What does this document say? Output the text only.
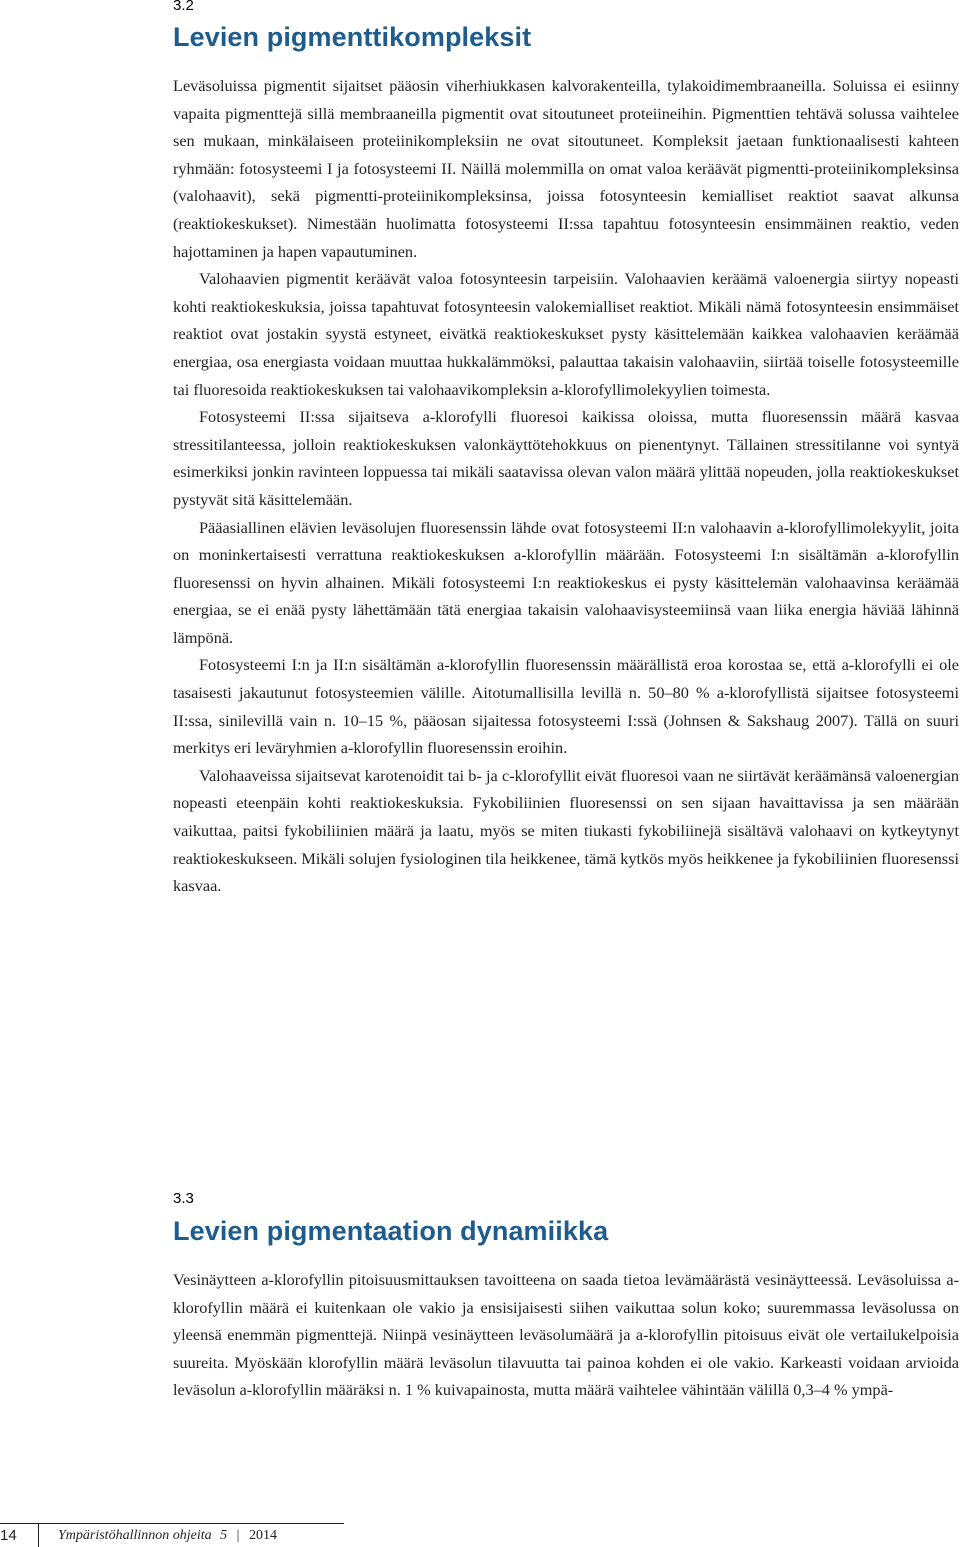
3.2
Levien pigmenttikompleksit

Leväsoluissa pigmentit sijaitset pääosin viherhiukkasen kalvorakenteilla, tylakoidimembraaneilla. Soluissa ei esiinny vapaita pigmenttejä sillä membraaneilla pigmentit ovat sitoutuneet proteiineihin. Pigmenttien tehtävä solussa vaihtelee sen mukaan, minkälaiseen proteiinikompleksiin ne ovat sitoutuneet. Kompleksit jaetaan funktionaalisesti kahteen ryhmään: fotosysteemi I ja fotosysteemi II. Näillä molemmilla on omat valoa keräävät pigmentti-proteiinikompleksinsa (valohaavit), sekä pigmentti-proteiinikompleksinsa, joissa fotosynteesin kemialliset reaktiot saavat alkunsa (reaktiokeskukset). Nimestään huolimatta fotosysteemi II:ssa tapahtuu fotosynteesin ensimmäinen reaktio, veden hajottaminen ja hapen vapautuminen.

Valohaavien pigmentit keräävät valoa fotosynteesin tarpeisiin. Valohaavien keräämä valoenergia siirtyy nopeasti kohti reaktiokeskuksia, joissa tapahtuvat fotosynteesin valokemialliset reaktiot. Mikäli nämä fotosynteesin ensimmäiset reaktiot ovat jostakin syystä estyneet, eivätkä reaktiokeskukset pysty käsittelemään kaikkea valohaavien keräämää energiaa, osa energiasta voidaan muuttaa hukkalämmöksi, palauttaa takaisin valohaaviin, siirtää toiselle fotosysteemille tai fluoresoida reaktiokeskuksen tai valohaavikompleksin a-klorofyllimolekyylien toimesta.

Fotosysteemi II:ssa sijaitseva a-klorofylli fluoresoi kaikissa oloissa, mutta fluoresenssin määrä kasvaa stressitilanteessa, jolloin reaktiokeskuksen valonkäyttötehokkuus on pienentynyt. Tällainen stressitilanne voi syntyä esimerkiksi jonkin ravinteen loppuessa tai mikäli saatavissa olevan valon määrä ylittää nopeuden, jolla reaktiokeskukset pystyvät sitä käsittelemään.

Pääasiallinen elävien leväsolujen fluoresenssin lähde ovat fotosysteemi II:n valohaavin a-klorofyllimolekyylit, joita on moninkertaisesti verrattuna reaktiokeskuksen a-klorofyllin määrään. Fotosysteemi I:n sisältämän a-klorofyllin fluoresenssi on hyvin alhainen. Mikäli fotosysteemi I:n reaktiokeskus ei pysty käsittelemän valohaavinsa keräämää energiaa, se ei enää pysty lähettämään tätä energiaa takaisin valohaavisysteemiinsä vaan liika energia häviää lähinnä lämpönä.

Fotosysteemi I:n ja II:n sisältämän a-klorofyllin fluoresenssin määrällistä eroa korostaa se, että a-klorofylli ei ole tasaisesti jakautunut fotosysteemien välille. Aitotumallisilla levillä n. 50–80 % a-klorofyllistä sijaitsee fotosysteemi II:ssa, sinilevillä vain n. 10–15 %, pääosan sijaitessa fotosysteemi I:ssä (Johnsen & Sakshaug 2007). Tällä on suuri merkitys eri leväryhmien a-klorofyllin fluoresenssin eroihin.

Valohaaveissa sijaitsevat karotenoidit tai b- ja c-klorofyllit eivät fluoresoi vaan ne siirtävät keräämänsä valoenergian nopeasti eteenpäin kohti reaktiokeskuksia. Fykobiliinien fluoresenssi on sen sijaan havaittavissa ja sen määrään vaikuttaa, paitsi fykobiliinien määrä ja laatu, myös se miten tiukasti fykobiliinejä sisältävä valohaavi on kytkeytynyt reaktiokeskukseen. Mikäli solujen fysiologinen tila heikkenee, tämä kytkös myös heikkenee ja fykobiliinien fluoresenssi kasvaa.

3.3
Levien pigmentaation dynamiikka

Vesinäytteen a-klorofyllin pitoisuusmittauksen tavoitteena on saada tietoa levämäärästä vesinäytteessä. Leväsoluissa a-klorofyllin määrä ei kuitenkaan ole vakio ja ensisijaisesti siihen vaikuttaa solun koko; suuremmassa leväsolussa on yleensä enemmän pigmenttejä. Niinpä vesinäytteen leväsolumäärä ja a-klorofyllin pitoisuus eivät ole vertailukelpoisia suureita. Myöskään klorofyllin määrä leväsolun tilavuutta tai painoa kohden ei ole vakio. Karkeasti voidaan arvioida leväsolun a-klorofyllin määräksi n. 1 % kuivapainosta, mutta määrä vaihtelee vähintään välillä 0,3–4 % ympä-

14	Ympäristöhallinnon ohjeita 5 | 2014
